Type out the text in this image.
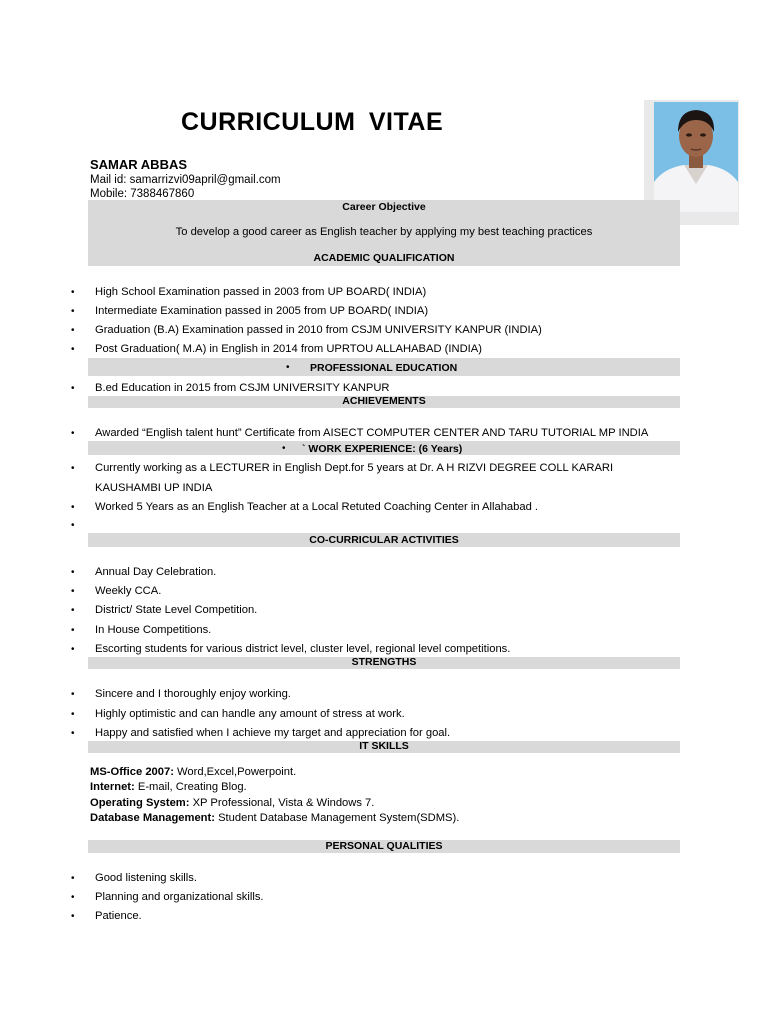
CURRICULUM VITAE
SAMAR ABBAS
Mail id: samarrizvi09april@gmail.com
Mobile: 7388467860
Career Objective
To develop a good career as English teacher by applying my best teaching practices
ACADEMIC QUALIFICATION
• High School Examination passed in 2003 from UP BOARD( INDIA)
• Intermediate Examination passed in 2005 from UP BOARD( INDIA)
• Graduation (B.A) Examination passed in 2010 from CSJM UNIVERSITY KANPUR (INDIA)
• Post Graduation( M.A) in English in 2014 from UPRTOU ALLAHABAD (INDIA)
• PROFESSIONAL EDUCATION
• B.ed Education in 2015 from CSJM UNIVERSITY KANPUR
ACHIEVEMENTS
• Awarded “English talent hunt” Certificate from AISECT COMPUTER CENTER AND TARU TUTORIAL MP INDIA
• ` WORK EXPERIENCE: (6 Years)
• Currently working as a LECTURER in English Dept.for 5 years at Dr. A H RIZVI DEGREE COLL KARARI
KAUSHAMBI UP INDIA
• Worked 5 Years as an English Teacher at a Local Retuted Coaching Center in Allahabad .
•
CO-CURRICULAR ACTIVITIES
• Annual Day Celebration.
• Weekly CCA.
• District/ State Level Competition.
• In House Competitions.
• Escorting students for various district level, cluster level, regional level competitions.
STRENGTHS
• Sincere and I thoroughly enjoy working.
• Highly optimistic and can handle any amount of stress at work.
• Happy and satisfied when I achieve my target and appreciation for goal.
IT SKILLS
MS-Office 2007: Word,Excel,Powerpoint.
Internet: E-mail, Creating Blog.
Operating System: XP Professional, Vista & Windows 7.
Database Management: Student Database Management System(SDMS).
PERSONAL QUALITIES
• Good listening skills.
• Planning and organizational skills.
• Patience.
